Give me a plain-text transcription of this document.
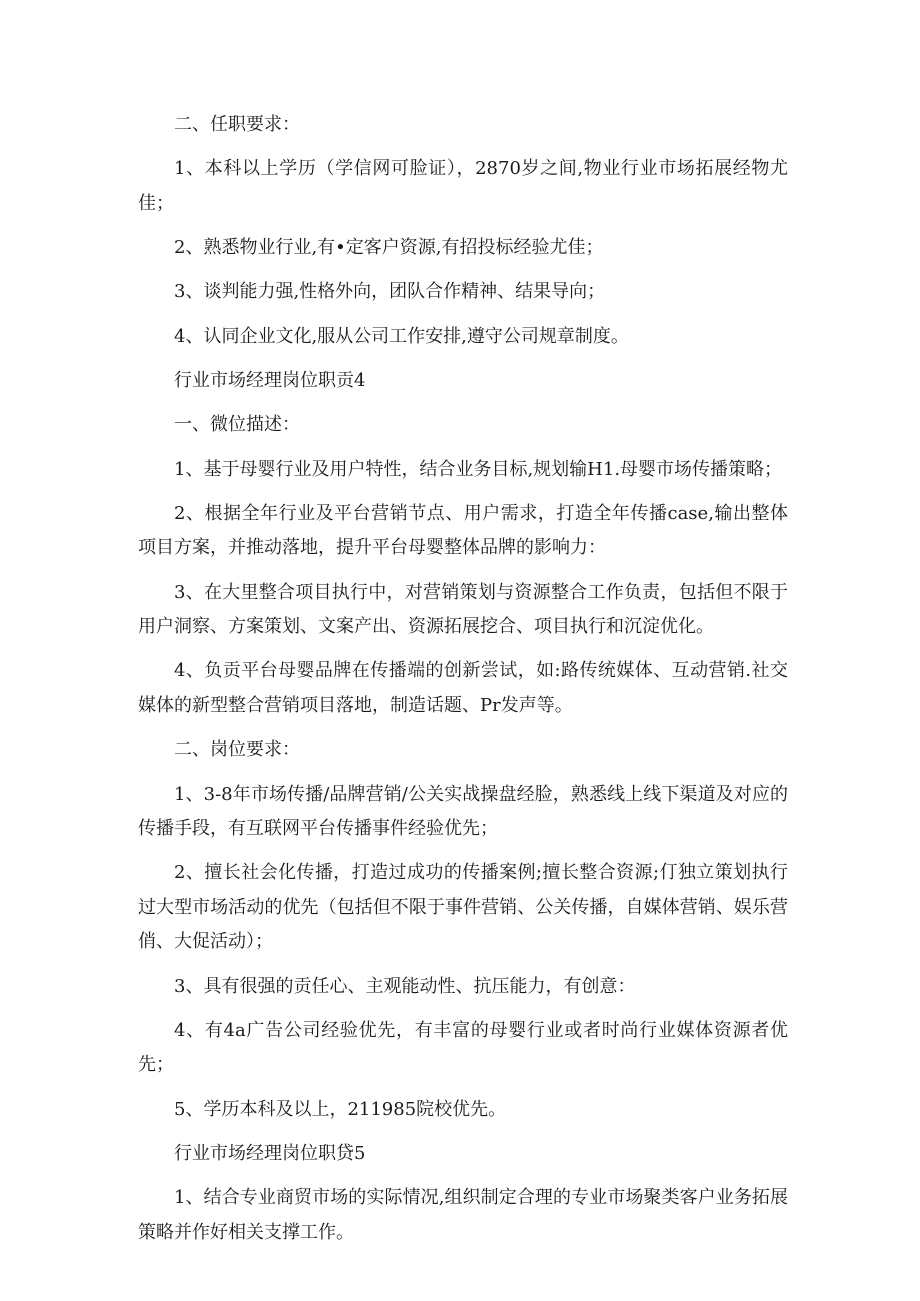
二、任职要求：

1、本科以上学历（学信网可脸证），2870岁之间,物业行业市场拓展经物尤佳；

2、熟悉物业行业,有•定客户资源,有招投标经验尤佳；

3、谈判能力强,性格外向，团队合作精神、结果导向；

4、认同企业文化,服从公司工作安排,遵守公司规章制度。

行业市场经理岗位职贡4

一、微位描述：

1、基于母婴行业及用户特性，结合业务目标,规划输H1.母婴市场传播策略；

2、根据全年行业及平台营销节点、用户需求，打造全年传播case,输出整体项目方案，并推动落地，提升平台母婴整体品牌的影响力：

3、在大里整合项目执行中，对营销策划与资源整合工作负责，包括但不限于用户洞察、方案策划、文案产出、资源拓展挖合、项目执行和沉淀优化。

4、负贡平台母婴品牌在传播端的创新尝试，如:路传统媒体、互动营销.社交媒体的新型整合营销项目落地，制造话题、Pr发声等。

二、岗位要求：

1、3-8年市场传播/品牌营销/公关实战操盘经脸，熟悉线上线下渠道及对应的传播手段，有互联网平台传播事件经验优先；

2、擅长社会化传播，打造过成功的传播案例;擅长整合资源;仃独立策划执行过大型市场活动的优先（包括但不限于事件营销、公关传播，自媒体营销、娱乐营俏、大促活动）；

3、具有很强的贡任心、主观能动性、抗压能力，有创意：

4、有4a广告公司经验优先，有丰富的母婴行业或者时尚行业媒体资源者优先；

5、学历本科及以上，211985院校优先。

行业市场经理岗位职贷5

1、结合专业商贸市场的实际情况,组织制定合理的专业市场聚类客户业务拓展策略并作好相关支撑工作。
